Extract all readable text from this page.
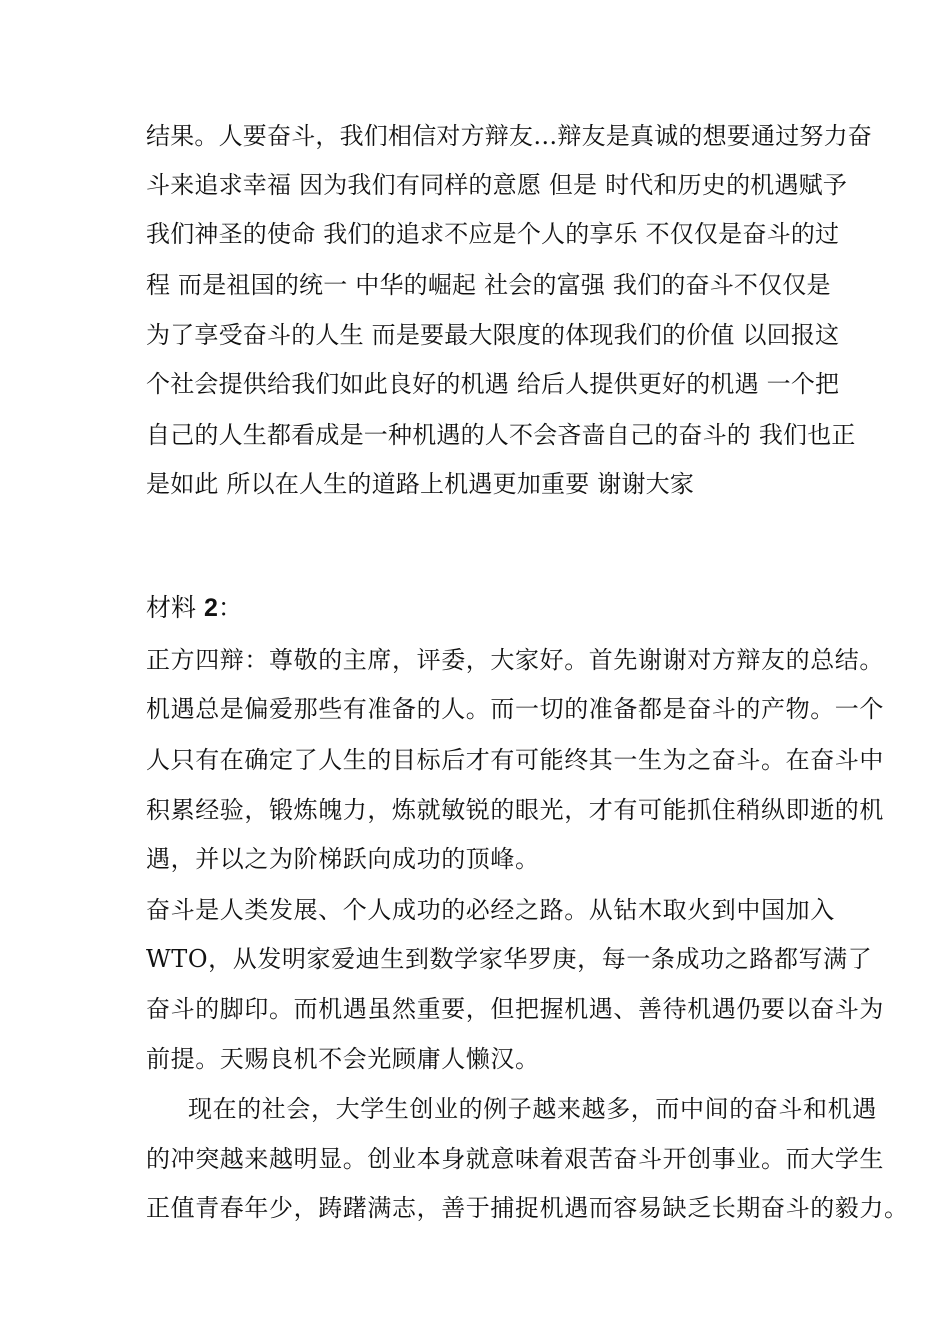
结果。人要奋斗，我们相信对方辩友…辩友是真诚的想要通过努力奋
斗来追求幸福 因为我们有同样的意愿 但是 时代和历史的机遇赋予
我们神圣的使命 我们的追求不应是个人的享乐 不仅仅是奋斗的过
程 而是祖国的统一 中华的崛起 社会的富强 我们的奋斗不仅仅是
为了享受奋斗的人生 而是要最大限度的体现我们的价值 以回报这
个社会提供给我们如此良好的机遇 给后人提供更好的机遇 一个把
自己的人生都看成是一种机遇的人不会吝啬自己的奋斗的 我们也正
是如此 所以在人生的道路上机遇更加重要 谢谢大家
材料 2：
正方四辩：尊敬的主席，评委，大家好。首先谢谢对方辩友的总结。
机遇总是偏爱那些有准备的人。而一切的准备都是奋斗的产物。一个
人只有在确定了人生的目标后才有可能终其一生为之奋斗。在奋斗中
积累经验，锻炼魄力，炼就敏锐的眼光，才有可能抓住稍纵即逝的机
遇，并以之为阶梯跃向成功的顶峰。
奋斗是人类发展、个人成功的必经之路。从钻木取火到中国加入
WTO，从发明家爱迪生到数学家华罗庚，每一条成功之路都写满了
奋斗的脚印。而机遇虽然重要，但把握机遇、善待机遇仍要以奋斗为
前提。天赐良机不会光顾庸人懒汉。
现在的社会，大学生创业的例子越来越多，而中间的奋斗和机遇
的冲突越来越明显。创业本身就意味着艰苦奋斗开创事业。而大学生
正值青春年少，踌躇满志，善于捕捉机遇而容易缺乏长期奋斗的毅力。
